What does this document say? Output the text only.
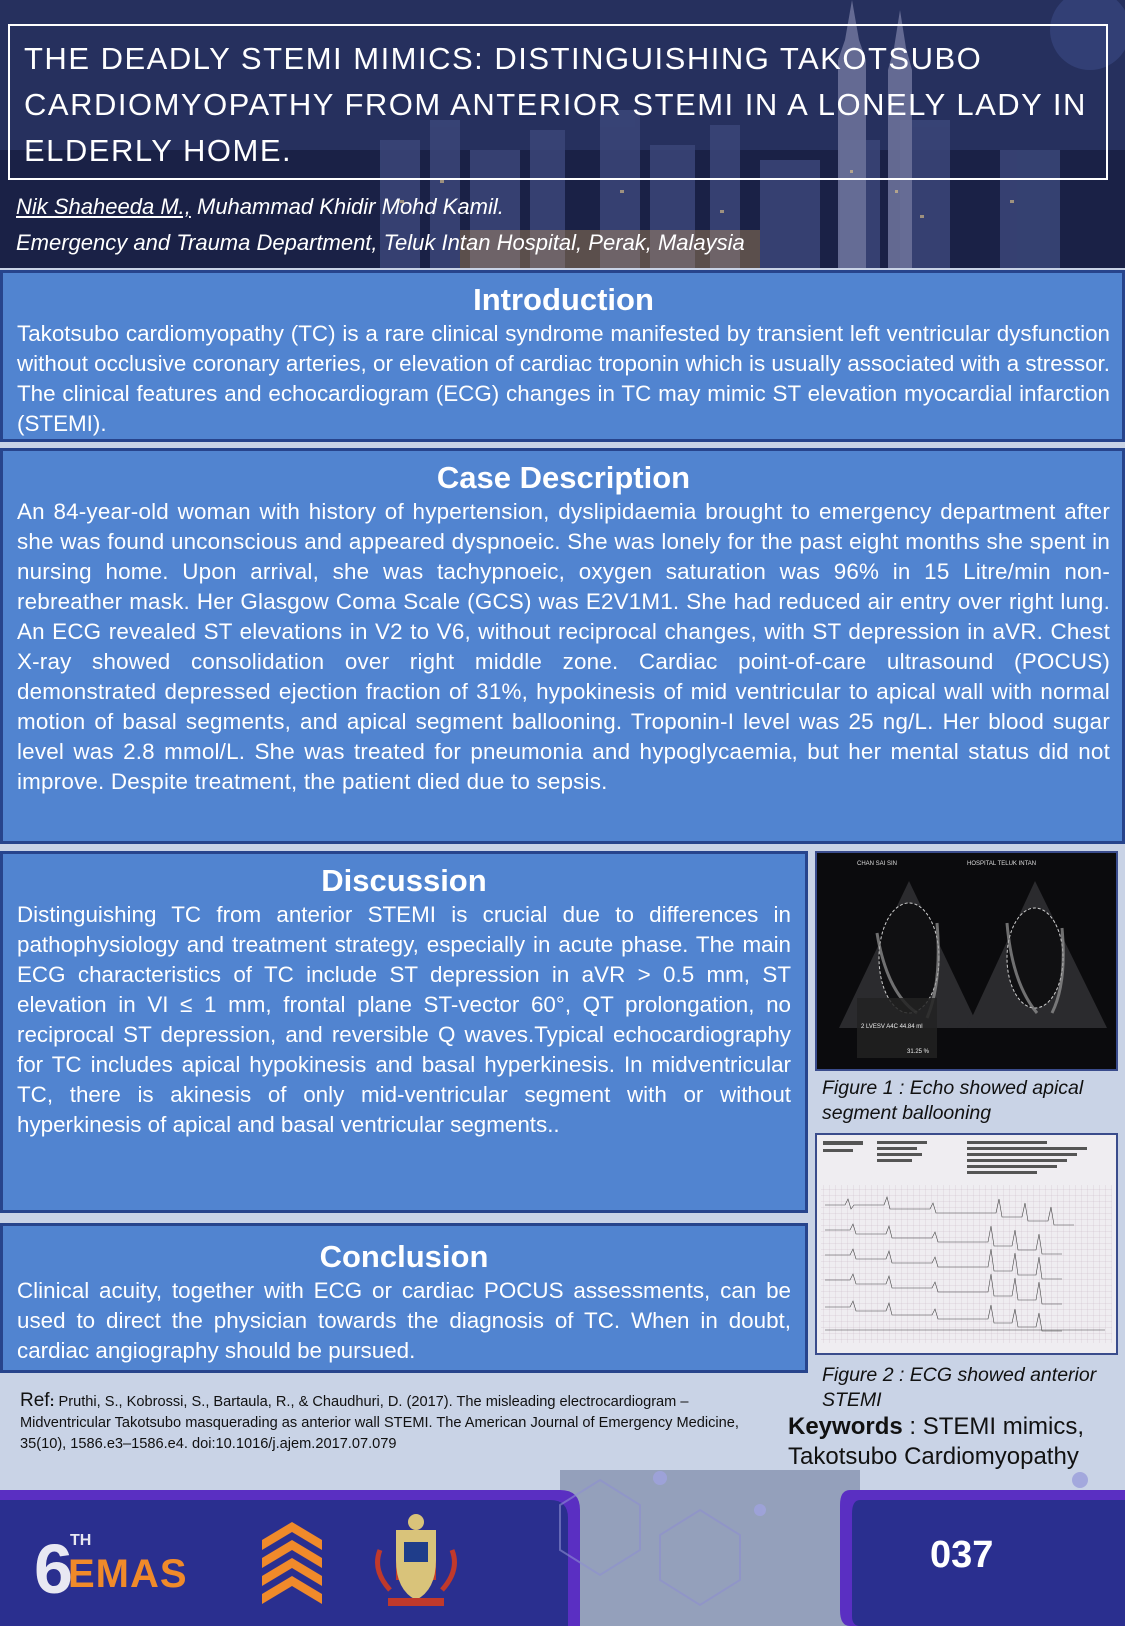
THE DEADLY STEMI MIMICS: DISTINGUISHING TAKOTSUBO CARDIOMYOPATHY FROM ANTERIOR STEMI IN A LONELY LADY IN ELDERLY HOME.
Nik Shaheeda M., Muhammad Khidir Mohd Kamil.
Emergency and Trauma Department, Teluk Intan Hospital, Perak, Malaysia
Introduction

Takotsubo cardiomyopathy (TC) is a rare clinical syndrome manifested by transient left ventricular dysfunction without occlusive coronary arteries, or elevation of cardiac troponin which is usually associated with a stressor. The clinical features and echocardiogram (ECG) changes in TC may mimic ST elevation myocardial infarction (STEMI).

Case Description

An 84-year-old woman with history of hypertension, dyslipidaemia brought to emergency department after she was found unconscious and appeared dyspnoeic. She was lonely for the past eight months she spent in nursing home. Upon arrival, she was tachypnoeic, oxygen saturation was 96% in 15 Litre/min non-rebreather mask. Her Glasgow Coma Scale (GCS) was E2V1M1. She had reduced air entry over right lung. An ECG revealed ST elevations in V2 to V6, without reciprocal changes, with ST depression in aVR. Chest X-ray showed consolidation over right middle zone. Cardiac point-of-care ultrasound (POCUS) demonstrated depressed ejection fraction of 31%, hypokinesis of mid ventricular to apical wall with normal motion of basal segments, and apical segment ballooning. Troponin-I level was 25 ng/L. Her blood sugar level was 2.8 mmol/L. She was treated for pneumonia and hypoglycaemia, but her mental status did not improve. Despite treatment, the patient died due to sepsis.

Discussion

Distinguishing TC from anterior STEMI is crucial due to differences in pathophysiology and treatment strategy, especially in acute phase. The main ECG characteristics of TC include ST depression in aVR > 0.5 mm, ST elevation in VI ≤ 1 mm, frontal plane ST-vector 60°, QT prolongation, no reciprocal ST depression, and reversible Q waves.Typical echocardiography for TC includes apical hypokinesis and basal hyperkinesis. In midventricular TC, there is akinesis of only mid-ventricular segment with or without hyperkinesis of apical and basal ventricular segments..

Conclusion

Clinical acuity, together with ECG or cardiac POCUS assessments, can be used to direct the physician towards the diagnosis of TC. When in doubt, cardiac angiography should be pursued.

CHAN SAI SIN	HOSPITAL TELUK INTAN
2 LVESV A4C 44.84 ml
31.25 %
Figure 1 : Echo showed apical segment ballooning
Figure 2 : ECG showed anterior STEMI
Ref: Pruthi, S., Kobrossi, S., Bartaula, R., & Chaudhuri, D. (2017). The misleading electrocardiogram – Midventricular Takotsubo masquerading as anterior wall STEMI. The American Journal of Emergency Medicine, 35(10), 1586.e3–1586.e4. doi:10.1016/j.ajem.2017.07.079
Keywords : STEMI mimics, Takotsubo Cardiomyopathy
6
TH
EMAS	037
